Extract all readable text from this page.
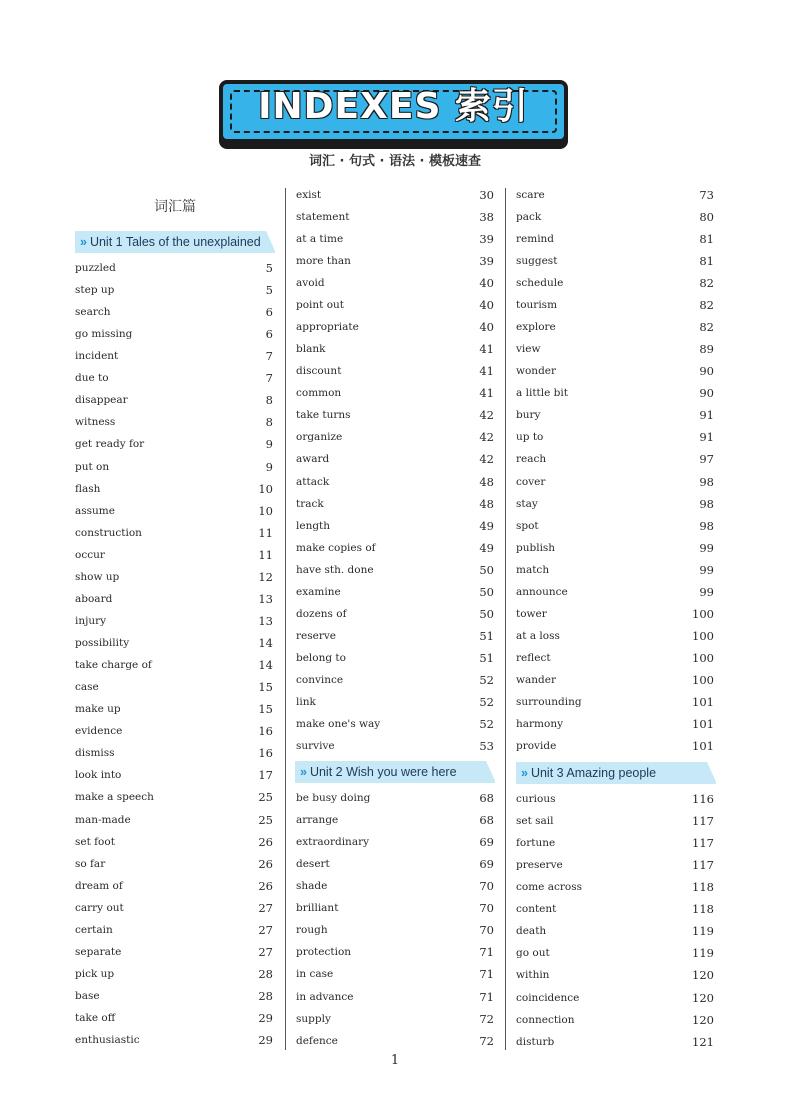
INDEXES 索引
词汇 · 句式 · 语法 · 模板速查
词汇篇
» Unit 1 Tales of the unexplained
puzzled	5
step up	5
search	6
go missing	6
incident	7
due to	7
disappear	8
witness	8
get ready for	9
put on	9
flash	10
assume	10
construction	11
occur	11
show up	12
aboard	13
injury	13
possibility	14
take charge of	14
case	15
make up	15
evidence	16
dismiss	16
look into	17
make a speech	25
man-made	25
set foot	26
so far	26
dream of	26
carry out	27
certain	27
separate	27
pick up	28
base	28
take off	29
enthusiastic	29
exist	30
statement	38
at a time	39
more than	39
avoid	40
point out	40
appropriate	40
blank	41
discount	41
common	41
take turns	42
organize	42
award	42
attack	48
track	48
length	49
make copies of	49
have sth. done	50
examine	50
dozens of	50
reserve	51
belong to	51
convince	52
link	52
make one's way	52
survive	53
» Unit 2 Wish you were here
be busy doing	68
arrange	68
extraordinary	69
desert	69
shade	70
brilliant	70
rough	70
protection	71
in case	71
in advance	71
supply	72
defence	72
scare	73
pack	80
remind	81
suggest	81
schedule	82
tourism	82
explore	82
view	89
wonder	90
a little bit	90
bury	91
up to	91
reach	97
cover	98
stay	98
spot	98
publish	99
match	99
announce	99
tower	100
at a loss	100
reflect	100
wander	100
surrounding	101
harmony	101
provide	101
» Unit 3 Amazing people
curious	116
set sail	117
fortune	117
preserve	117
come across	118
content	118
death	119
go out	119
within	120
coincidence	120
connection	120
disturb	121
1
